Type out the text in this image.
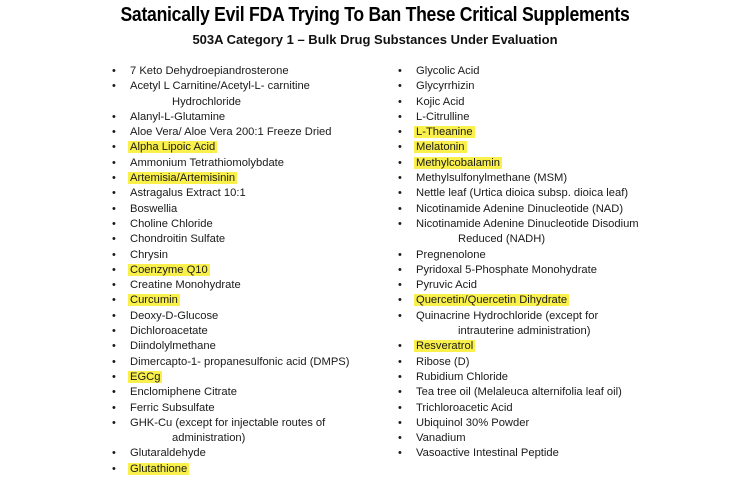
Satanically Evil FDA Trying To Ban These Critical Supplements
503A Category 1 – Bulk Drug Substances Under Evaluation
• 7 Keto Dehydroepiandrosterone
• Acetyl L Carnitine/Acetyl-L- carnitine
Hydrochloride
• Alanyl-L-Glutamine
• Aloe Vera/ Aloe Vera 200:1 Freeze Dried
• Alpha Lipoic Acid
• Ammonium Tetrathiomolybdate
• Artemisia/Artemisinin
• Astragalus Extract 10:1
• Boswellia
• Choline Chloride
• Chondroitin Sulfate
• Chrysin
• Coenzyme Q10
• Creatine Monohydrate
• Curcumin
• Deoxy-D-Glucose
• Dichloroacetate
• Diindolylmethane
• Dimercapto-1- propanesulfonic acid (DMPS)
• EGCg
• Enclomiphene Citrate
• Ferric Subsulfate
• GHK-Cu (except for injectable routes of
administration)
• Glutaraldehyde
• Glutathione
• Glycolic Acid
• Glycyrrhizin
• Kojic Acid
• L-Citrulline
• L-Theanine
• Melatonin
• Methylcobalamin
• Methylsulfonylmethane (MSM)
• Nettle leaf (Urtica dioica subsp. dioica leaf)
• Nicotinamide Adenine Dinucleotide (NAD)
• Nicotinamide Adenine Dinucleotide Disodium
Reduced (NADH)
• Pregnenolone
• Pyridoxal 5-Phosphate Monohydrate
• Pyruvic Acid
• Quercetin/Quercetin Dihydrate
• Quinacrine Hydrochloride (except for
intrauterine administration)
• Resveratrol
• Ribose (D)
• Rubidium Chloride
• Tea tree oil (Melaleuca alternifolia leaf oil)
• Trichloroacetic Acid
• Ubiquinol 30% Powder
• Vanadium
• Vasoactive Intestinal Peptide
